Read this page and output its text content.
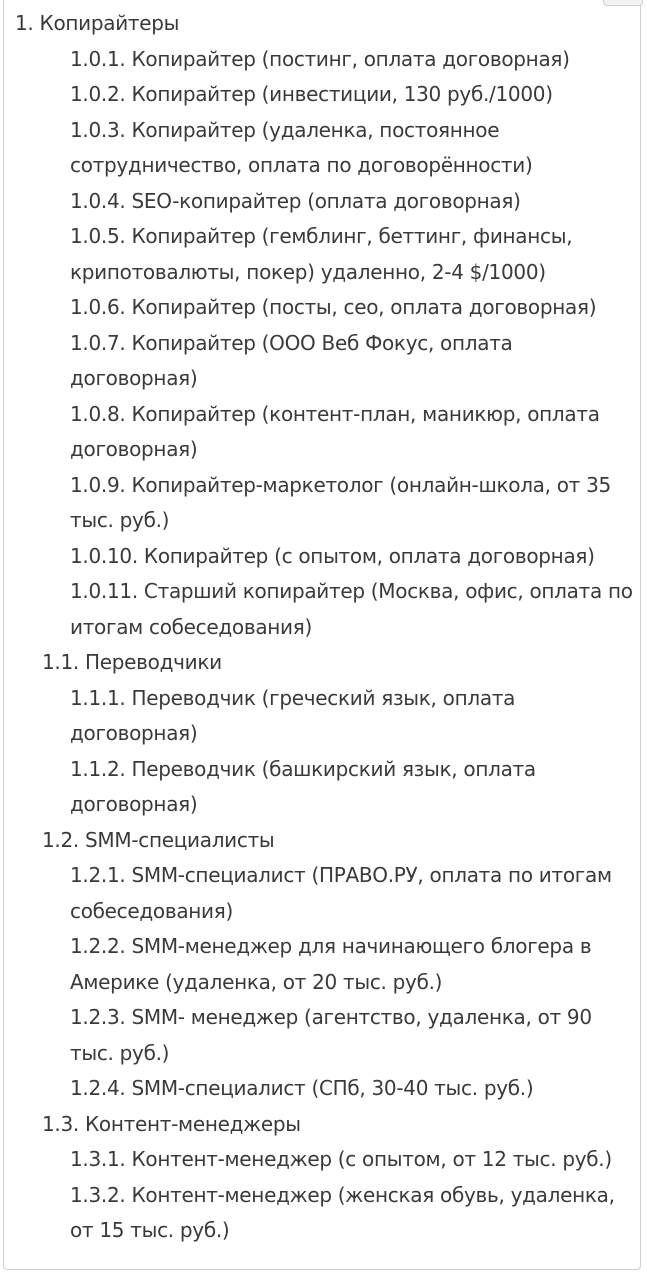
1. Копирайтеры
1.0.1. Копирайтер (постинг, оплата договорная)
1.0.2. Копирайтер (инвестиции, 130 руб./1000)
1.0.3. Копирайтер (удаленка, постоянное сотрудничество, оплата по договорённости)
1.0.4. SEO-копирайтер (оплата договорная)
1.0.5. Копирайтер (гемблинг, беттинг, финансы, крипотовалюты, покер) удаленно, 2-4 $/1000)
1.0.6. Копирайтер (посты, сео, оплата договорная)
1.0.7. Копирайтер (ООО Веб Фокус, оплата договорная)
1.0.8. Копирайтер (контент-план, маникюр, оплата договорная)
1.0.9. Копирайтер-маркетолог (онлайн-школа, от 35 тыс. руб.)
1.0.10. Копирайтер (с опытом, оплата договорная)
1.0.11. Старший копирайтер (Москва, офис, оплата по итогам собеседования)
1.1. Переводчики
1.1.1. Переводчик (греческий язык, оплата договорная)
1.1.2. Переводчик (башкирский язык, оплата договорная)
1.2. SMM-специалисты
1.2.1. SMM-специалист (ПРАВО.РУ, оплата по итогам собеседования)
1.2.2. SMM-менеджер для начинающего блогера в Америке (удаленка, от 20 тыс. руб.)
1.2.3. SMM- менеджер (агентство, удаленка, от 90 тыс. руб.)
1.2.4. SMM-специалист (СПб, 30-40 тыс. руб.)
1.3. Контент-менеджеры
1.3.1. Контент-менеджер (с опытом, от 12 тыс. руб.)
1.3.2. Контент-менеджер (женская обувь, удаленка, от 15 тыс. руб.)
